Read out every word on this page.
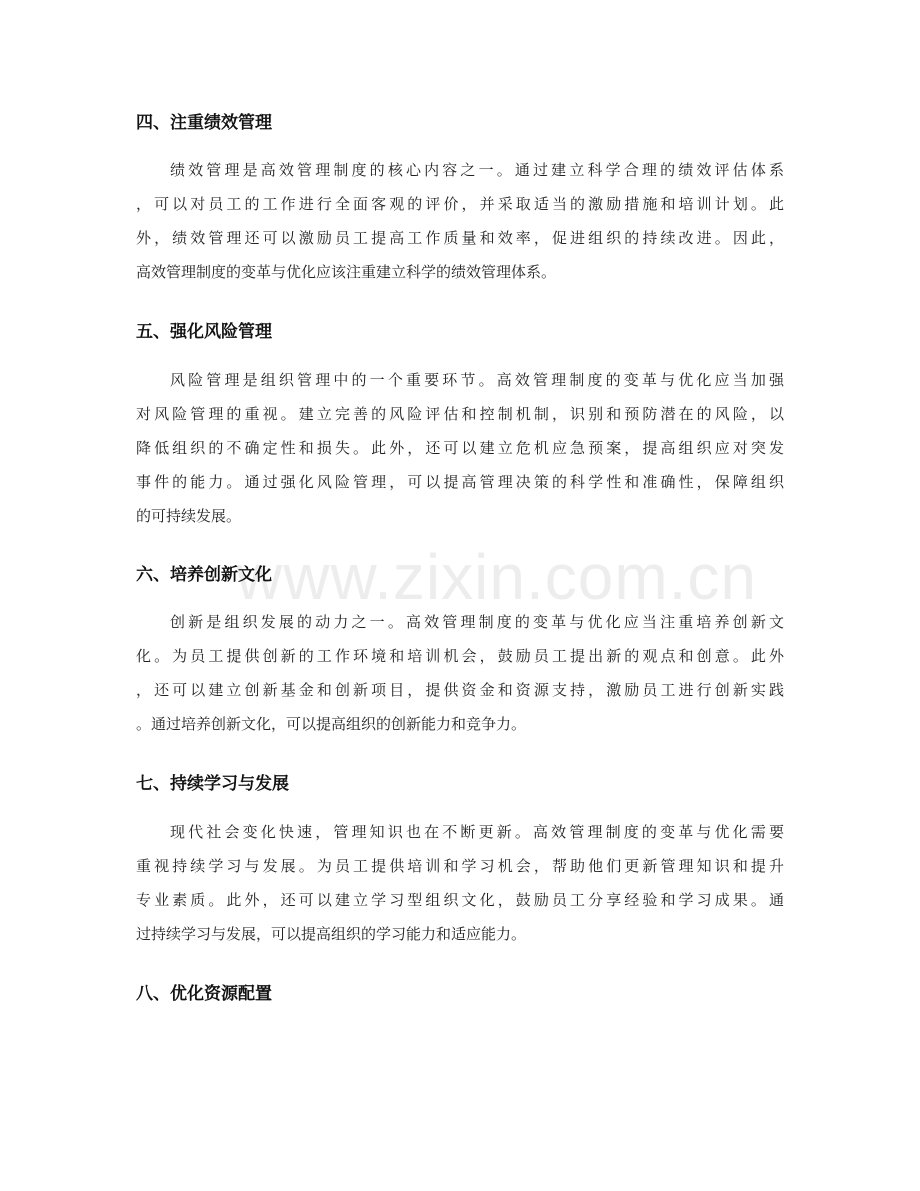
www.zixin.com.cn
四、注重绩效管理
绩效管理是高效管理制度的核心内容之一。通过建立科学合理的绩效评估体系
，可以对员工的工作进行全面客观的评价，并采取适当的激励措施和培训计划。此
外，绩效管理还可以激励员工提高工作质量和效率，促进组织的持续改进。因此，
高效管理制度的变革与优化应该注重建立科学的绩效管理体系。
五、强化风险管理
风险管理是组织管理中的一个重要环节。高效管理制度的变革与优化应当加强
对风险管理的重视。建立完善的风险评估和控制机制，识别和预防潜在的风险，以
降低组织的不确定性和损失。此外，还可以建立危机应急预案，提高组织应对突发
事件的能力。通过强化风险管理，可以提高管理决策的科学性和准确性，保障组织
的可持续发展。
六、培养创新文化
创新是组织发展的动力之一。高效管理制度的变革与优化应当注重培养创新文
化。为员工提供创新的工作环境和培训机会，鼓励员工提出新的观点和创意。此外
，还可以建立创新基金和创新项目，提供资金和资源支持，激励员工进行创新实践
。通过培养创新文化，可以提高组织的创新能力和竞争力。
七、持续学习与发展
现代社会变化快速，管理知识也在不断更新。高效管理制度的变革与优化需要
重视持续学习与发展。为员工提供培训和学习机会，帮助他们更新管理知识和提升
专业素质。此外，还可以建立学习型组织文化，鼓励员工分享经验和学习成果。通
过持续学习与发展，可以提高组织的学习能力和适应能力。
八、优化资源配置
